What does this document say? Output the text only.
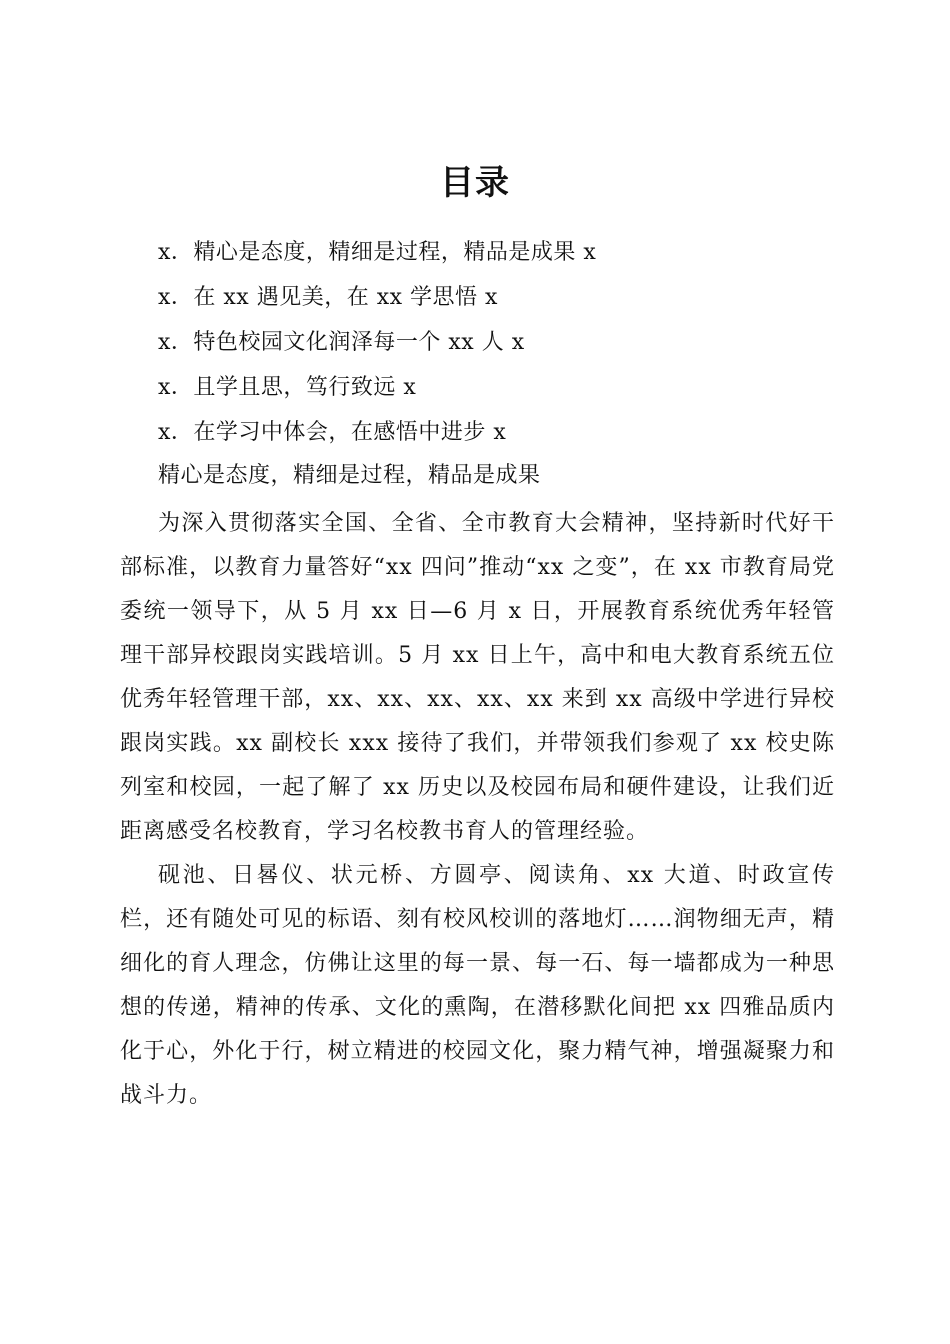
目录
x．精心是态度，精细是过程，精品是成果 x
x．在 xx 遇见美，在 xx 学思悟 x
x．特色校园文化润泽每一个 xx 人 x
x．且学且思，笃行致远 x
x．在学习中体会，在感悟中进步 x

精心是态度，精细是过程，精品是成果

为深入贯彻落实全国、全省、全市教育大会精神，坚持新时代好干部标准，以教育力量答好“xx 四问”推动“xx 之变”，在 xx 市教育局党委统一领导下，从 5 月 xx 日—6 月 x 日，开展教育系统优秀年轻管理干部异校跟岗实践培训。5 月 xx 日上午，高中和电大教育系统五位优秀年轻管理干部，xx、xx、xx、xx、xx 来到 xx 高级中学进行异校跟岗实践。xx 副校长 xxx 接待了我们，并带领我们参观了 xx 校史陈列室和校园，一起了解了 xx 历史以及校园布局和硬件建设，让我们近距离感受名校教育，学习名校教书育人的管理经验。

砚池、日晷仪、状元桥、方圆亭、阅读角、xx 大道、时政宣传栏，还有随处可见的标语、刻有校风校训的落地灯……润物细无声，精细化的育人理念，仿佛让这里的每一景、每一石、每一墙都成为一种思想的传递，精神的传承、文化的熏陶，在潜移默化间把 xx 四雅品质内化于心，外化于行，树立精进的校园文化，聚力精气神，增强凝聚力和战斗力。
